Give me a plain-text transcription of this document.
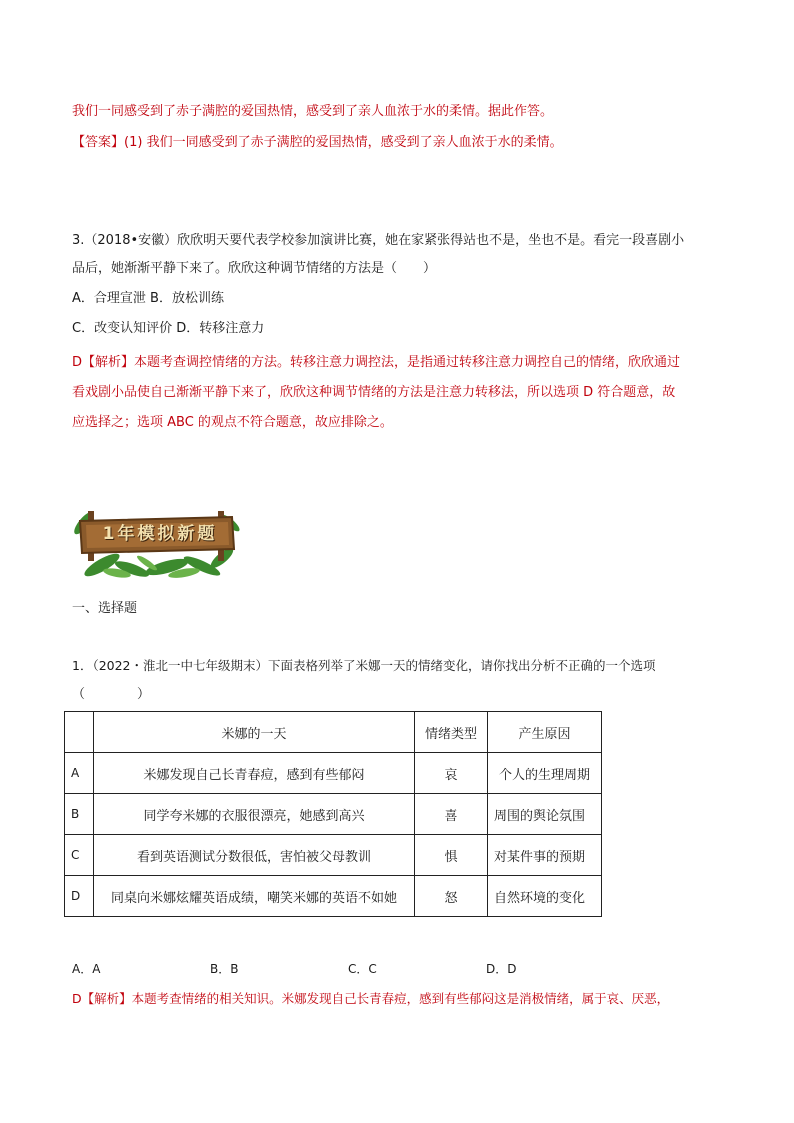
我们一同感受到了赤子满腔的爱国热情，感受到了亲人血浓于水的柔情。据此作答。
【答案】(1) 我们一同感受到了赤子满腔的爱国热情，感受到了亲人血浓于水的柔情。
3.（2018•安徽）欣欣明天要代表学校参加演讲比赛，她在家紧张得站也不是，坐也不是。看完一段喜剧小
品后，她渐渐平静下来了。欣欣这种调节情绪的方法是（　　）
A．合理宣泄 B．放松训练
C．改变认知评价 D．转移注意力
D【解析】本题考查调控情绪的方法。转移注意力调控法，是指通过转移注意力调控自己的情绪，欣欣通过
看戏剧小品使自己渐渐平静下来了，欣欣这种调节情绪的方法是注意力转移法，所以选项 D 符合题意，故
应选择之；选项 ABC 的观点不符合题意，故应排除之。
1年模拟新题
一、选择题
1．（2022・淮北一中七年级期末）下面表格列举了米娜一天的情绪变化，请你找出分析不正确的一个选项
（　　　　）
	米娜的一天	情绪类型	产生原因
A	米娜发现自己长青春痘，感到有些郁闷	哀	个人的生理周期
B	同学夸米娜的衣服很漂亮，她感到高兴	喜	周围的舆论氛围
C	看到英语测试分数很低，害怕被父母教训	惧	对某件事的预期
D	同桌向米娜炫耀英语成绩，嘲笑米娜的英语不如她	怒	自然环境的变化
A．A	B．B	C．C	D．D
D【解析】本题考查情绪的相关知识。米娜发现自己长青春痘，感到有些郁闷这是消极情绪，属于哀、厌恶，
